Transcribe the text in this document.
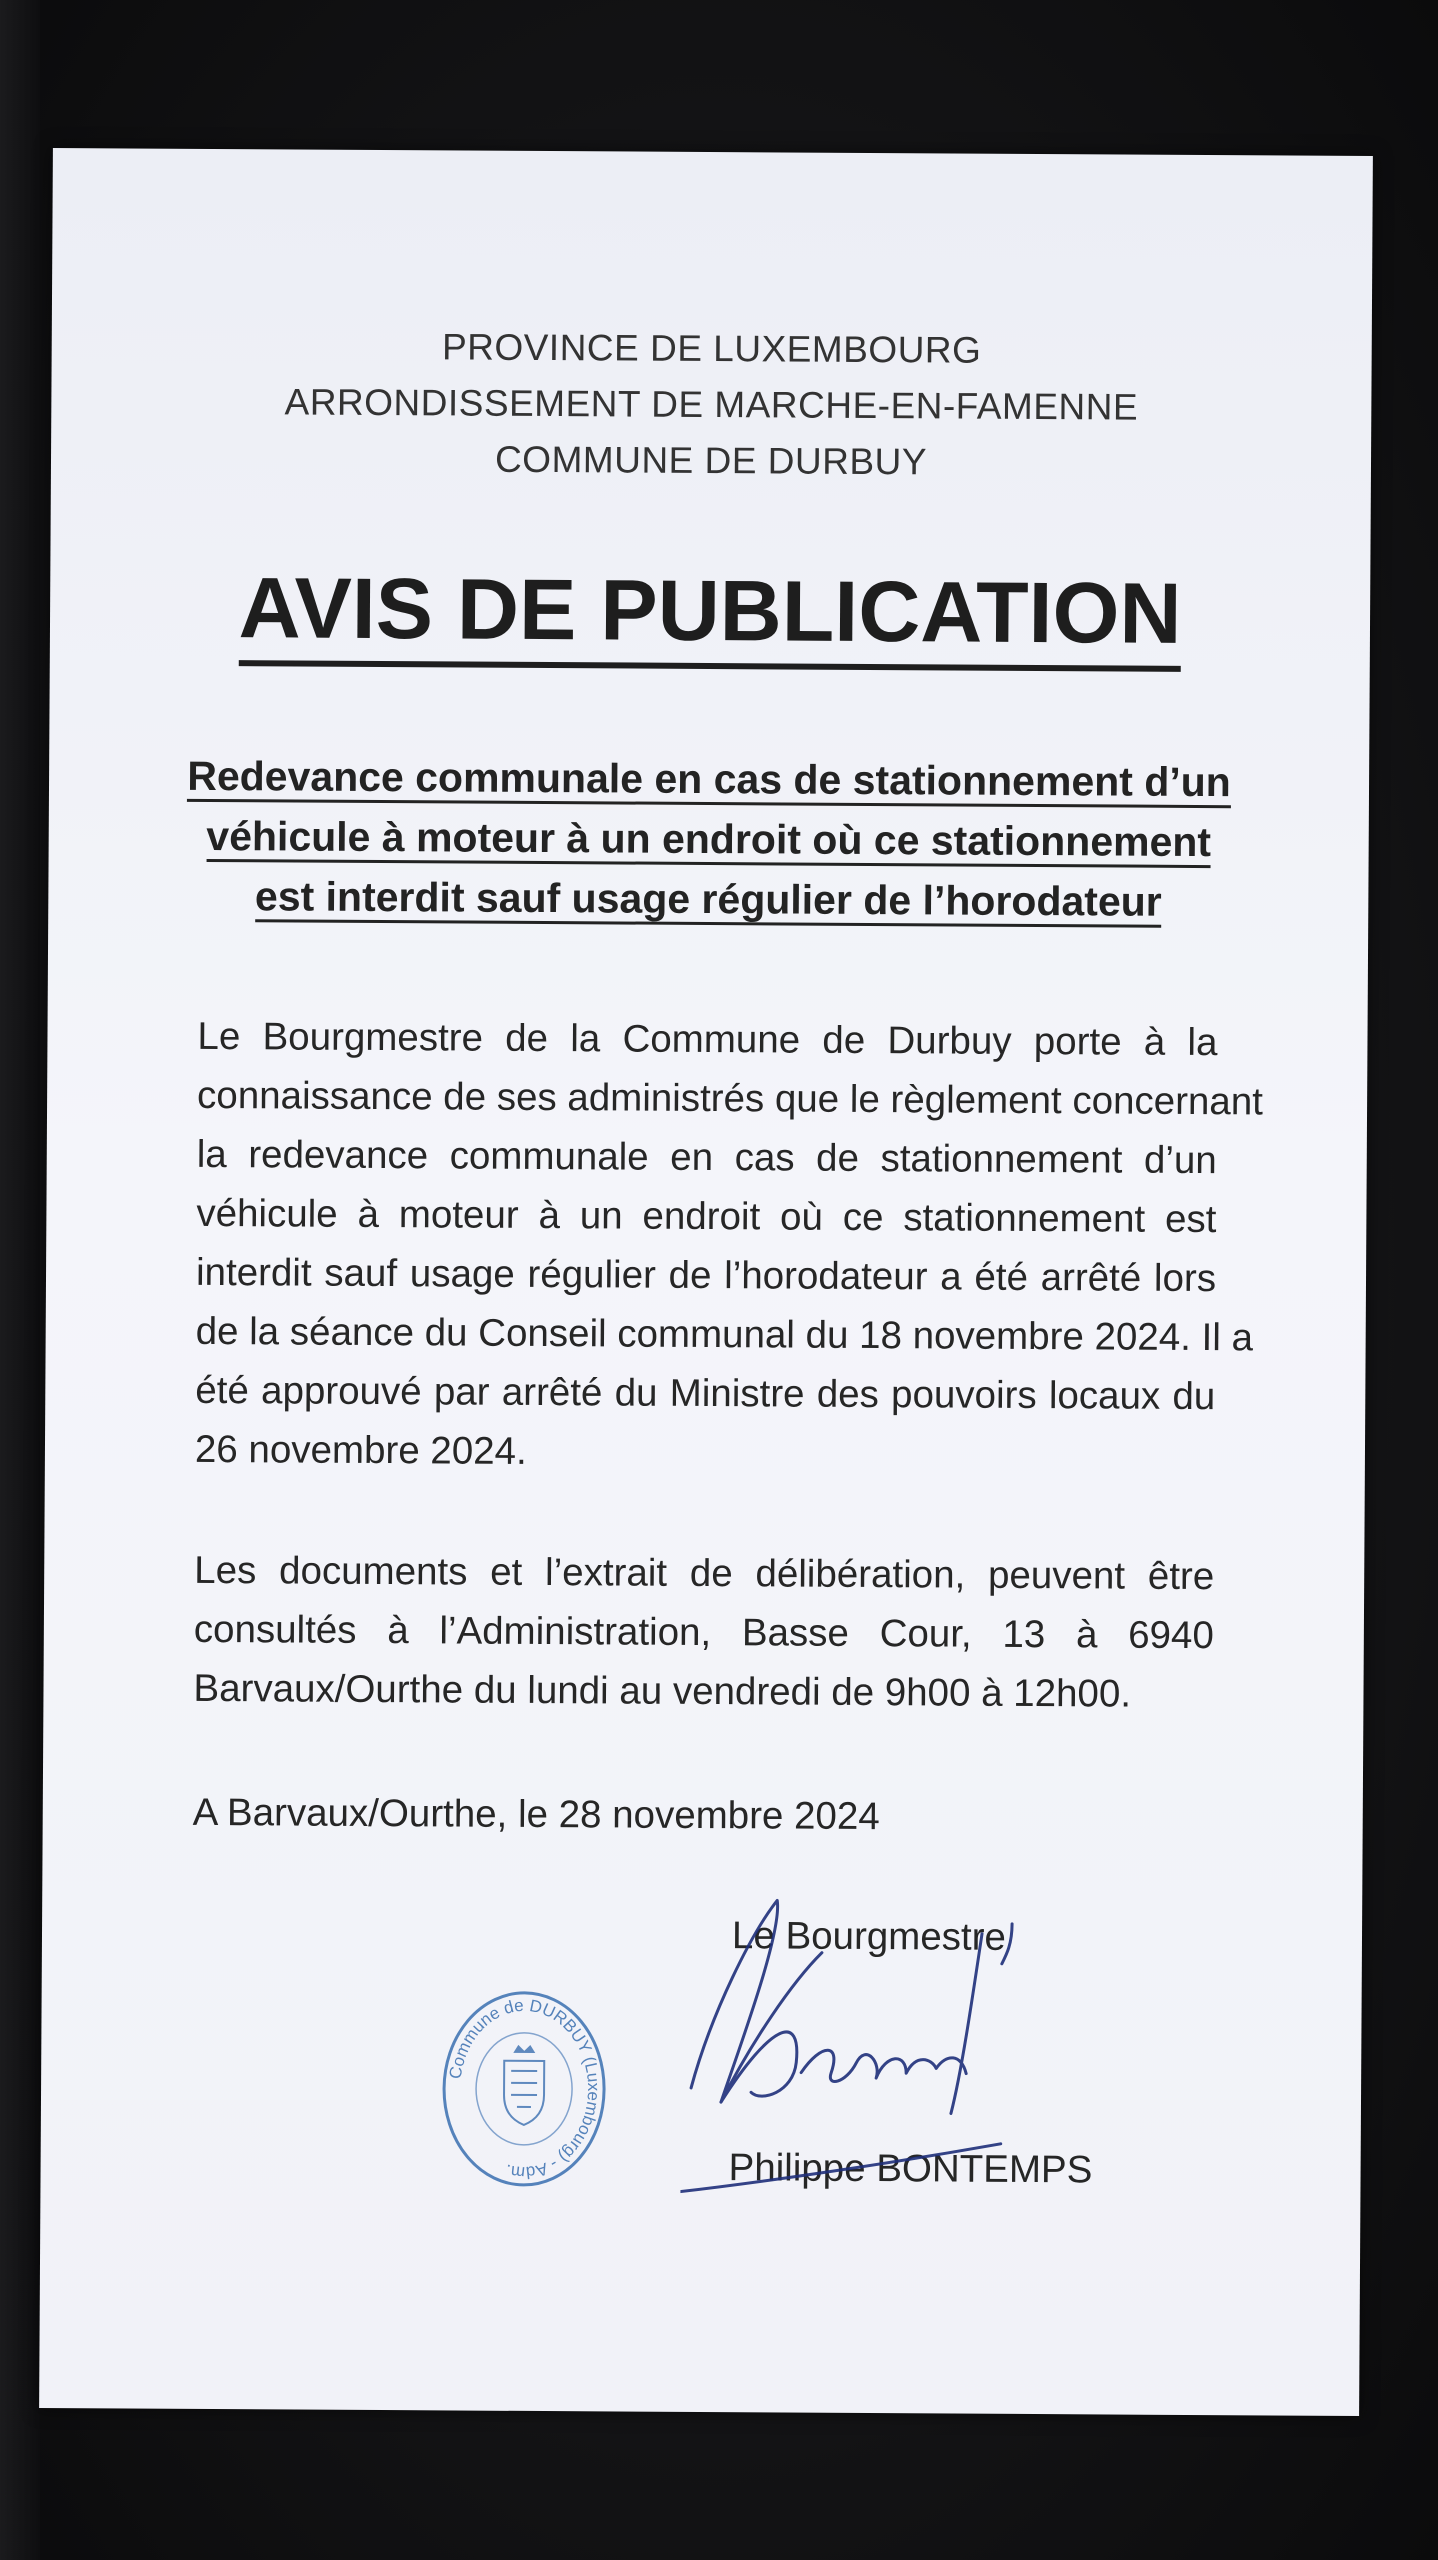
PROVINCE DE LUXEMBOURG
ARRONDISSEMENT DE MARCHE-EN-FAMENNE
COMMUNE DE DURBUY
AVIS DE PUBLICATION
Redevance communale en cas de stationnement d’un
véhicule à moteur à un endroit où ce stationnement
est interdit sauf usage régulier de l’horodateur
Le Bourgmestre de la Commune de Durbuy porte à la
connaissance de ses administrés que le règlement concernant
la redevance communale en cas de stationnement d’un
véhicule à moteur à un endroit où ce stationnement est
interdit sauf usage régulier de l’horodateur a été arrêté lors
de la séance du Conseil communal du 18 novembre 2024. Il a
été approuvé par arrêté du Ministre des pouvoirs locaux du
26 novembre 2024.
Les documents et l’extrait de délibération, peuvent être
consultés à l’Administration, Basse Cour, 13 à 6940
Barvaux/Ourthe du lundi au vendredi de 9h00 à 12h00.
A Barvaux/Ourthe, le 28 novembre 2024
Le Bourgmestre
Philippe BONTEMPS
Commune de DURBUY (Luxembourg) - Adm.
